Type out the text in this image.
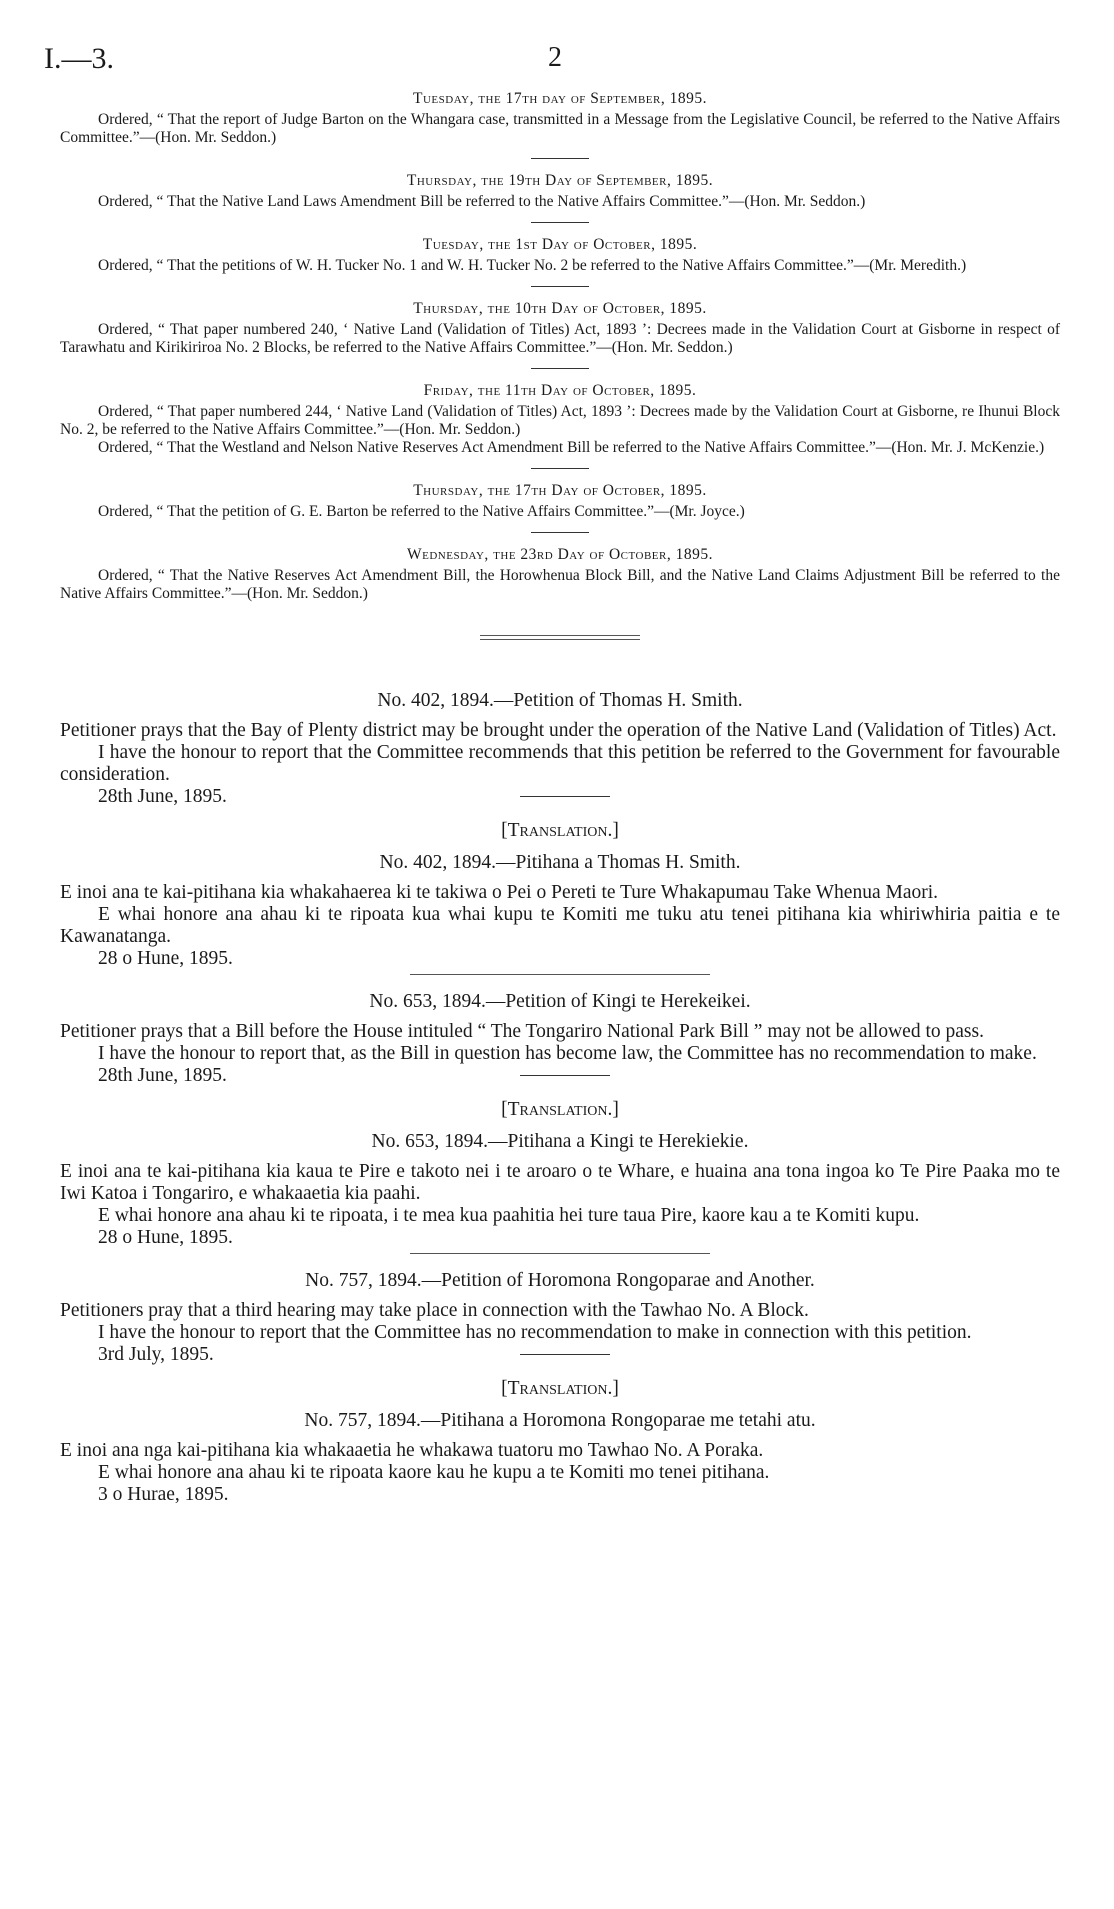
I.—3.	2

Tuesday, the 17th day of September, 1895.

Ordered, “ That the report of Judge Barton on the Whangara case, transmitted in a Message from the Legislative Council, be referred to the Native Affairs Committee.”—(Hon. Mr. Seddon.)

Thursday, the 19th Day of September, 1895.

Ordered, “ That the Native Land Laws Amendment Bill be referred to the Native Affairs Committee.”—(Hon. Mr. Seddon.)

Tuesday, the 1st Day of October, 1895.

Ordered, “ That the petitions of W. H. Tucker No. 1 and W. H. Tucker No. 2 be referred to the Native Affairs Committee.”—(Mr. Meredith.)

Thursday, the 10th Day of October, 1895.

Ordered, “ That paper numbered 240, ‘ Native Land (Validation of Titles) Act, 1893 ’: Decrees made in the Validation Court at Gisborne in respect of Tarawhatu and Kirikiriroa No. 2 Blocks, be referred to the Native Affairs Committee.”—(Hon. Mr. Seddon.)

Friday, the 11th Day of October, 1895.

Ordered, “ That paper numbered 244, ‘ Native Land (Validation of Titles) Act, 1893 ’: Decrees made by the Validation Court at Gisborne, re Ihunui Block No. 2, be referred to the Native Affairs Committee.”—(Hon. Mr. Seddon.)

Ordered, “ That the Westland and Nelson Native Reserves Act Amendment Bill be referred to the Native Affairs Committee.”—(Hon. Mr. J. McKenzie.)

Thursday, the 17th Day of October, 1895.

Ordered, “ That the petition of G. E. Barton be referred to the Native Affairs Committee.”—(Mr. Joyce.)

Wednesday, the 23rd Day of October, 1895.

Ordered, “ That the Native Reserves Act Amendment Bill, the Horowhenua Block Bill, and the Native Land Claims Adjustment Bill be referred to the Native Affairs Committee.”—(Hon. Mr. Seddon.)

No. 402, 1894.—Petition of Thomas H. Smith.

Petitioner prays that the Bay of Plenty district may be brought under the operation of the Native Land (Validation of Titles) Act.

I have the honour to report that the Committee recommends that this petition be referred to the Government for favourable consideration.

28th June, 1895.

[Translation.]

No. 402, 1894.—Pitihana a Thomas H. Smith.

E inoi ana te kai-pitihana kia whakahaerea ki te takiwa o Pei o Pereti te Ture Whakapumau Take Whenua Maori.

E whai honore ana ahau ki te ripoata kua whai kupu te Komiti me tuku atu tenei pitihana kia whiriwhiria paitia e te Kawanatanga.

28 o Hune, 1895.

No. 653, 1894.—Petition of Kingi te Herekeikei.

Petitioner prays that a Bill before the House intituled “ The Tongariro National Park Bill ” may not be allowed to pass.

I have the honour to report that, as the Bill in question has become law, the Committee has no recommendation to make.

28th June, 1895.

[Translation.]

No. 653, 1894.—Pitihana a Kingi te Herekiekie.

E inoi ana te kai-pitihana kia kaua te Pire e takoto nei i te aroaro o te Whare, e huaina ana tona ingoa ko Te Pire Paaka mo te Iwi Katoa i Tongariro, e whakaaetia kia paahi.

E whai honore ana ahau ki te ripoata, i te mea kua paahitia hei ture taua Pire, kaore kau a te Komiti kupu.

28 o Hune, 1895.

No. 757, 1894.—Petition of Horomona Rongoparae and Another.

Petitioners pray that a third hearing may take place in connection with the Tawhao No. A Block.

I have the honour to report that the Committee has no recommendation to make in connection with this petition.

3rd July, 1895.

[Translation.]

No. 757, 1894.—Pitihana a Horomona Rongoparae me tetahi atu.

E inoi ana nga kai-pitihana kia whakaaetia he whakawa tuatoru mo Tawhao No. A Poraka.

E whai honore ana ahau ki te ripoata kaore kau he kupu a te Komiti mo tenei pitihana.

3 o Hurae, 1895.
